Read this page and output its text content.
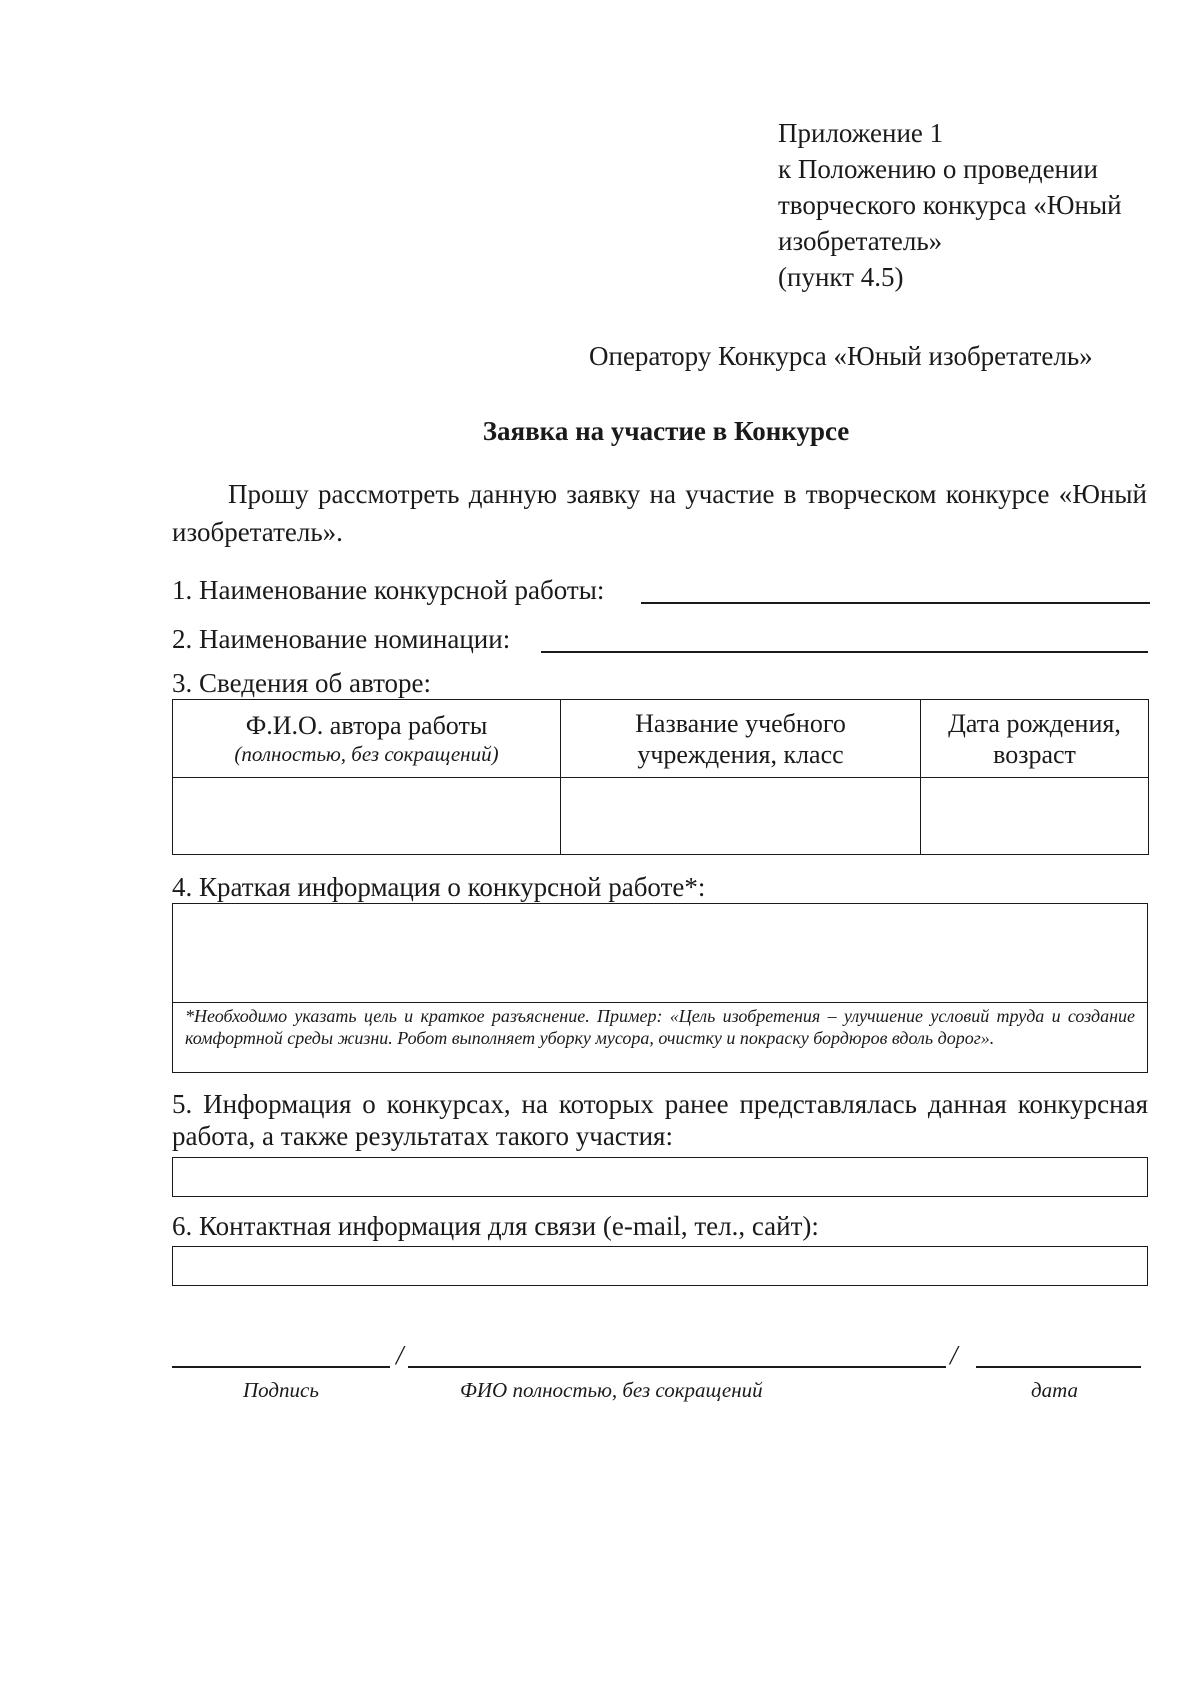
Приложение 1
к Положению о проведении
творческого конкурса «Юный
изобретатель»
(пункт 4.5)
Оператору Конкурса «Юный изобретатель»
Заявка на участие в Конкурсе
Прошу рассмотреть данную заявку на участие в творческом конкурсе «Юный изобретатель».
1. Наименование конкурсной работы:
2. Наименование номинации:
3. Сведения об авторе:
Ф.И.О. автора работы
(полностью, без сокращений)	Название учебного учреждения, класс	Дата рождения, возраст

4. Краткая информация о конкурсной работе*:
*Необходимо указать цель и краткое разъяснение. Пример: «Цель изобретения – улучшение условий труда и создание комфортной среды жизни. Робот выполняет уборку мусора, очистку и покраску бордюров вдоль дорог».
5. Информация о конкурсах, на которых ранее представлялась данная конкурсная работа, а также результатах такого участия:
6. Контактная информация для связи (e-mail, тел., сайт):
/	/
Подпись	ФИО полностью, без сокращений	дата
